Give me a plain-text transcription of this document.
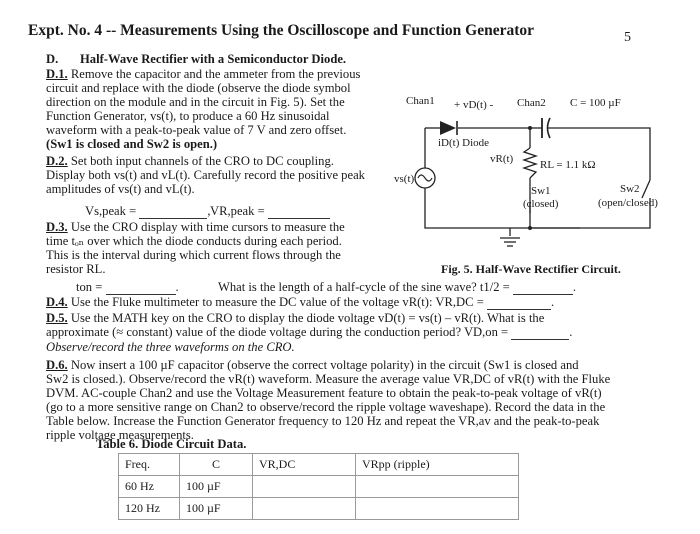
Expt. No. 4 -- Measurements Using the Oscilloscope and Function Generator	5
D. Half-Wave Rectifier with a Semiconductor Diode.
D.1. Remove the capacitor and the ammeter from the previous
circuit and replace with the diode (observe the diode symbol
direction on the module and in the circuit in Fig. 5). Set the
Function Generator, vs(t), to produce a 60 Hz sinusoidal
waveform with a peak-to-peak value of 7 V and zero offset.
(Sw1 is closed and Sw2 is open.)
D.2. Set both input channels of the CRO to DC coupling.
Display both vs(t) and vL(t). Carefully record the positive peak
amplitudes of vs(t) and vL(t).
Vs,peak =	, VR,peak =
D.3. Use the CRO display with time cursors to measure the
time tₒₙ over which the diode conducts during each period.
This is the interval during which current flows through the
resistor RL.
ton =	.	What is the length of a half-cycle of the sine wave? t1/2 =	.
D.4. Use the Fluke multimeter to measure the DC value of the voltage vR(t): VR,DC =	.
D.5. Use the MATH key on the CRO to display the diode voltage vD(t) = vs(t) – vR(t). What is the
approximate (≈ constant) value of the diode voltage during the conduction period? VD,on =	.
Observe/record the three waveforms on the CRO.
D.6. Now insert a 100 µF capacitor (observe the correct voltage polarity) in the circuit (Sw1 is closed and
Sw2 is closed.). Observe/record the vR(t) waveform. Measure the average value VR,DC of vR(t) with the Fluke
DVM. AC-couple Chan2 and use the Voltage Measurement feature to obtain the peak-to-peak voltage of vR(t)
(go to a more sensitive range on Chan2 to observe/record the ripple voltage waveshape). Record the data in the
Table below. Increase the Function Generator frequency to 120 Hz and repeat the VR,av and the peak-to-peak
ripple voltage measurements.
Table 6. Diode Circuit Data.
Freq.	C	VR,DC	VRpp (ripple)
60 Hz	100 µF		
120 Hz	100 µF		
Chan1 + vD(t) - Chan2 C = 100 µF
iD(t) Diode
vR(t) RL = 1.1 kΩ
vs(t)
Sw1
(closed)
Sw2
(open/closed)
Fig. 5. Half-Wave Rectifier Circuit.
